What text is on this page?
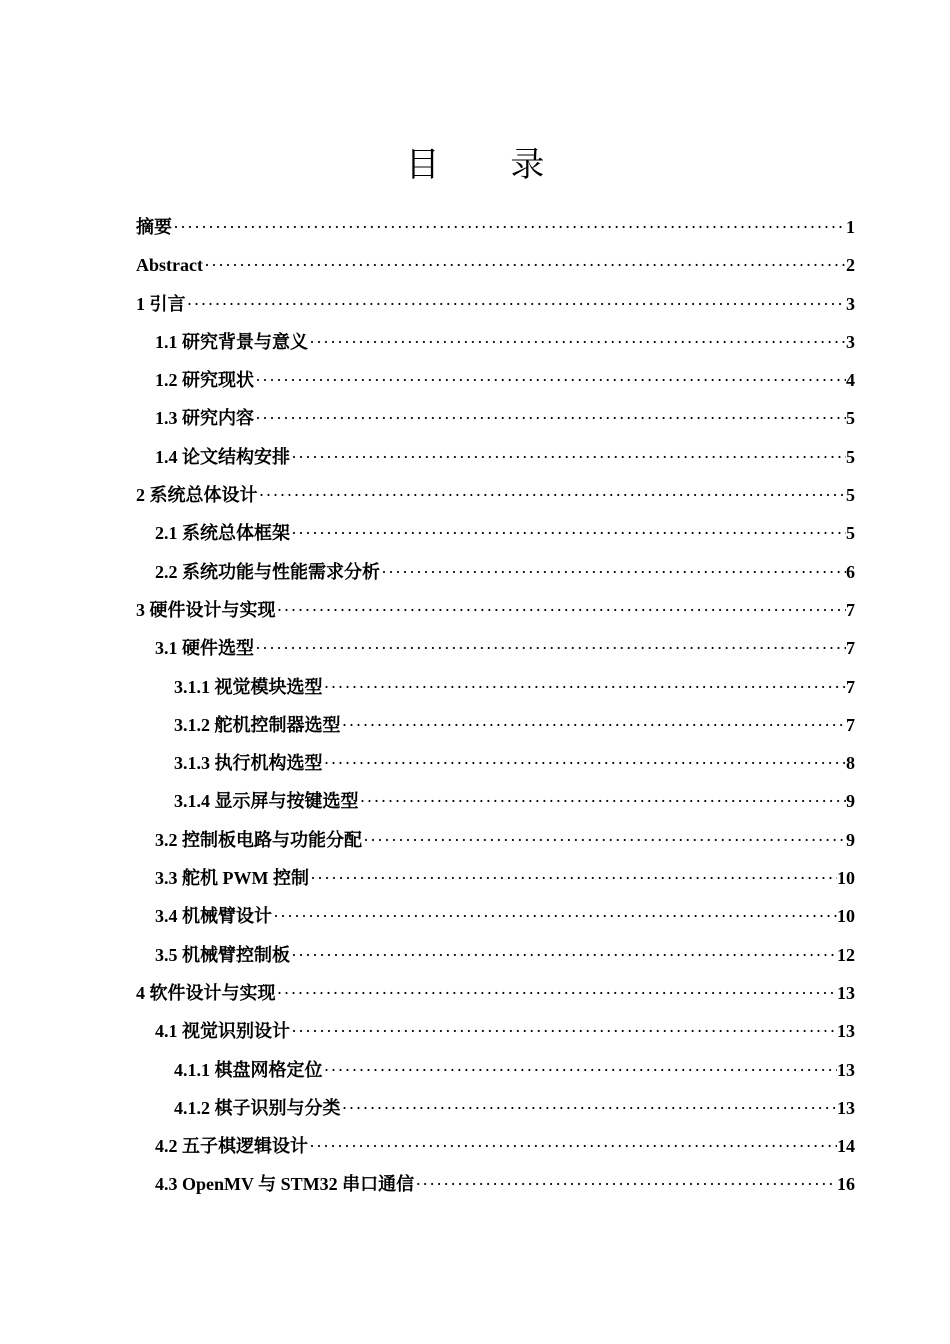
目 录
摘要 ·····	1
Abstract ·····	2
1 引言 ·····	3
1.1 研究背景与意义 ·····	3
1.2 研究现状 ·····	4
1.3 研究内容 ·····	5
1.4 论文结构安排 ·····	5
2 系统总体设计 ·····	5
2.1 系统总体框架 ·····	5
2.2 系统功能与性能需求分析 ·····	6
3 硬件设计与实现 ·····	7
3.1 硬件选型 ·····	7
3.1.1 视觉模块选型 ·····	7
3.1.2 舵机控制器选型 ·····	7
3.1.3 执行机构选型 ·····	8
3.1.4 显示屏与按键选型 ·····	9
3.2 控制板电路与功能分配 ·····	9
3.3 舵机 PWM 控制 ·····	10
3.4 机械臂设计 ·····	10
3.5 机械臂控制板 ·····	12
4 软件设计与实现 ·····	13
4.1 视觉识别设计 ·····	13
4.1.1 棋盘网格定位 ·····	13
4.1.2 棋子识别与分类 ·····	13
4.2 五子棋逻辑设计 ·····	14
4.3 OpenMV 与 STM32 串口通信 ·····	16
